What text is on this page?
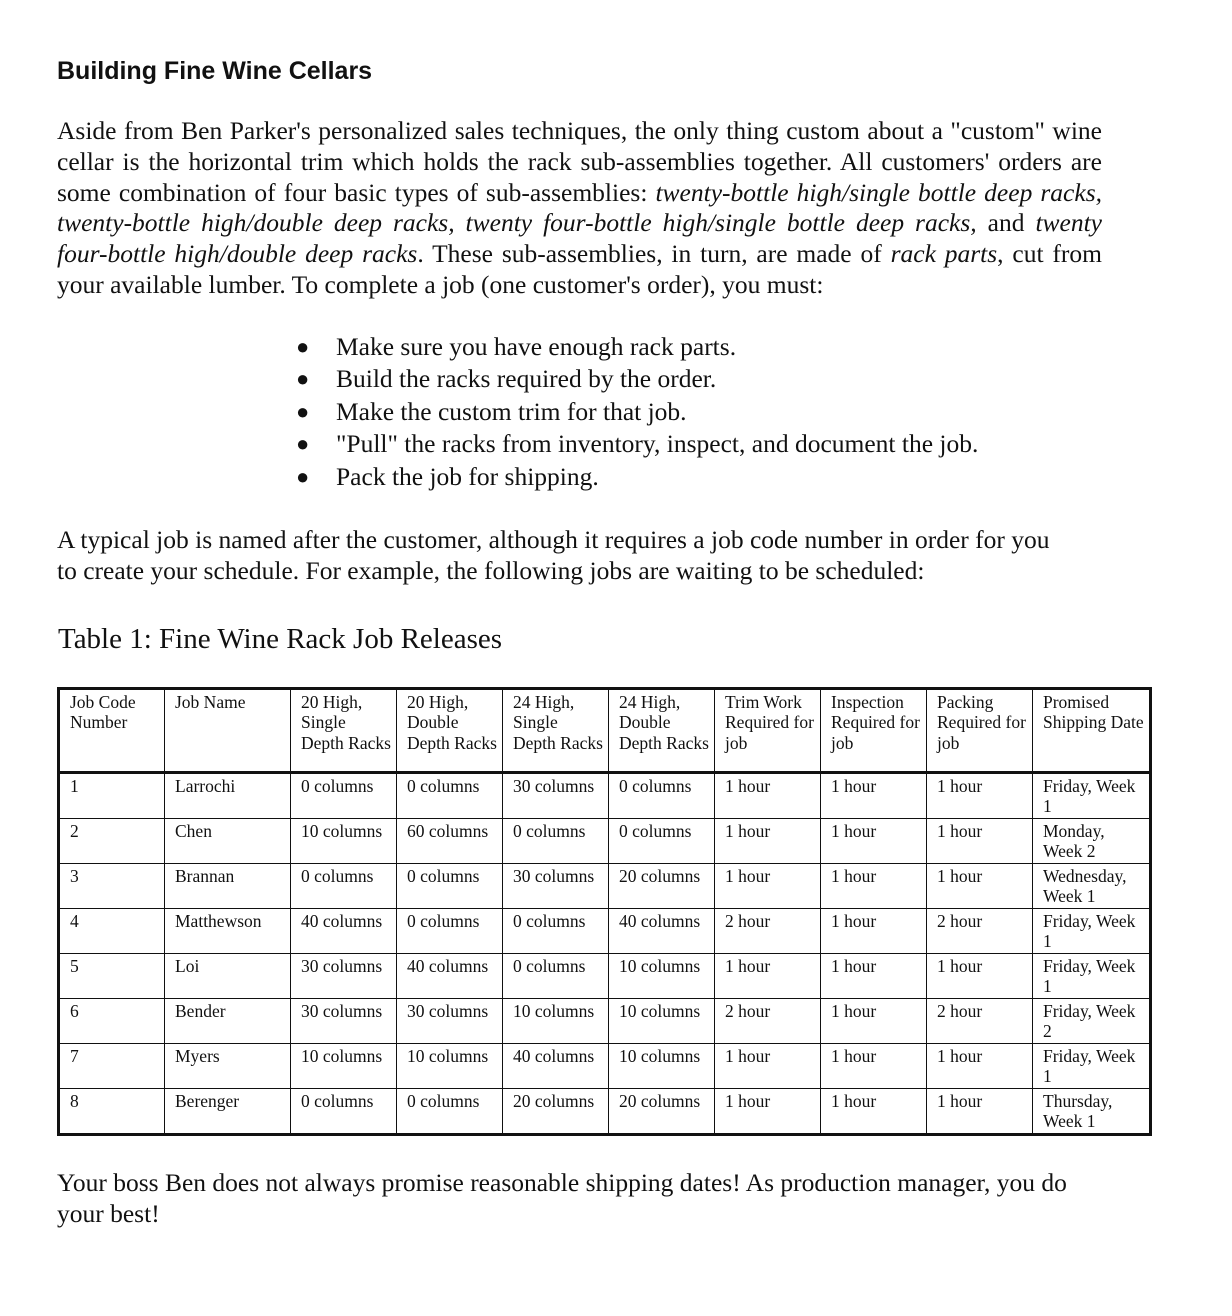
Building Fine Wine Cellars

Aside from Ben Parker's personalized sales techniques, the only thing custom about a "custom" wine cellar is the horizontal trim which holds the rack sub-assemblies together. All customers' orders are some combination of four basic types of sub-assemblies: twenty-bottle high/single bottle deep racks, twenty-bottle high/double deep racks, twenty four-bottle high/single bottle deep racks, and twenty four-bottle high/double deep racks. These sub-assemblies, in turn, are made of rack parts, cut from your available lumber. To complete a job (one customer's order), you must:

● Make sure you have enough rack parts.
● Build the racks required by the order.
● Make the custom trim for that job.
● "Pull" the racks from inventory, inspect, and document the job.
● Pack the job for shipping.

A typical job is named after the customer, although it requires a job code number in order for you to create your schedule. For example, the following jobs are waiting to be scheduled:

Table 1: Fine Wine Rack Job Releases
Job Code Number	Job Name	20 High, Single Depth Racks	20 High, Double Depth Racks	24 High, Single Depth Racks	24 High, Double Depth Racks	Trim Work Required for job	Inspection Required for job	Packing Required for job	Promised Shipping Date
1	Larrochi	0 columns	0 columns	30 columns	0 columns	1 hour	1 hour	1 hour	Friday, Week 1
2	Chen	10 columns	60 columns	0 columns	0 columns	1 hour	1 hour	1 hour	Monday, Week 2
3	Brannan	0 columns	0 columns	30 columns	20 columns	1 hour	1 hour	1 hour	Wednesday, Week 1
4	Matthewson	40 columns	0 columns	0 columns	40 columns	2 hour	1 hour	2 hour	Friday, Week 1
5	Loi	30 columns	40 columns	0 columns	10 columns	1 hour	1 hour	1 hour	Friday, Week 1
6	Bender	30 columns	30 columns	10 columns	10 columns	2 hour	1 hour	2 hour	Friday, Week 2
7	Myers	10 columns	10 columns	40 columns	10 columns	1 hour	1 hour	1 hour	Friday, Week 1
8	Berenger	0 columns	0 columns	20 columns	20 columns	1 hour	1 hour	1 hour	Thursday, Week 1

Your boss Ben does not always promise reasonable shipping dates! As production manager, you do your best!
